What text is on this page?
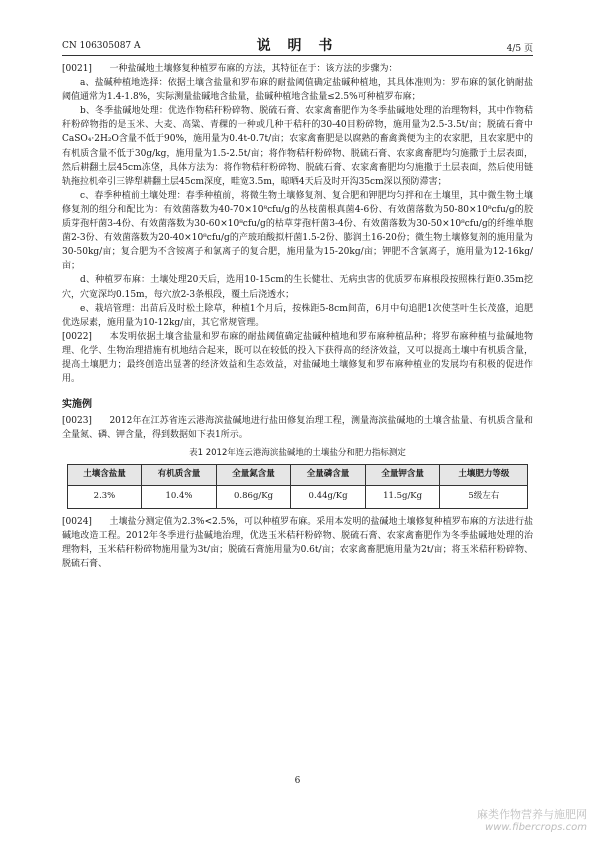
CN 106305087 A	说 明 书	4/5 页

[0021] 一种盐碱地土壤修复种植罗布麻的方法，其特征在于：该方法的步骤为：

a、盐碱种植地选择：依据土壤含盐量和罗布麻的耐盐阈值确定盐碱种植地，其具体准则为：罗布麻的氯化钠耐盐阈值通常为1.4-1.8%，实际测量盐碱地含盐量，盐碱种植地含盐量≤2.5%可种植罗布麻；

b、冬季盐碱地处理：优选作物秸秆粉碎物、脱硫石膏、农家禽畜肥作为冬季盐碱地处理的治理物料，其中作物秸秆粉碎物指的是玉米、大麦、高粱、青稞的一种或几种干秸秆的30-40目粉碎物，施用量为2.5-3.5t/亩；脱硫石膏中CaSO₄·2H₂O含量不低于90%，施用量为0.4t-0.7t/亩；农家禽畜肥是以腐熟的畜禽粪便为主的农家肥，且农家肥中的有机质含量不低于30g/kg，施用量为1.5-2.5t/亩；将作物秸秆粉碎物、脱硫石膏、农家禽畜肥均匀施撒于土层表面，然后耕翻土层45cm冻垡，具体方法为：将作物秸秆粉碎物、脱硫石膏、农家禽畜肥均匀施撒于土层表面，然后使用链轨拖拉机牵引三铧犁耕翻土层45cm深度，畦宽3.5m，晾晒4天后及时开沟35cm深以预防滞害；

c、春季种植前土壤处理：春季种植前，将微生物土壤修复剂、复合肥和钾肥均匀拌和在土壤里，其中微生物土壤修复剂的组分和配比为：有效菌落数为40-70×10⁸cfu/g的丛枝菌根真菌4-6份、有效菌落数为50-80×10⁸cfu/g的胶质芽孢杆菌3-4份、有效菌落数为30-60×10⁸cfu/g的枯草芽孢杆菌3-4份、有效菌落数为30-50×10⁸cfu/g的纤维单胞菌2-3份、有效菌落数为20-40×10⁸cfu/g的产玻珀酸拟杆菌1.5-2份、膨润土16-20份；微生物土壤修复剂的施用量为30-50kg/亩；复合肥为不含铵离子和氯离子的复合肥，施用量为15-20kg/亩；钾肥不含氯离子，施用量为12-16kg/亩；

d、种植罗布麻：土壤处理20天后，选用10-15cm的生长健壮、无病虫害的优质罗布麻根段按照株行距0.35m挖穴，穴宽深均0.15m，每穴放2-3条根段，覆土后浇透水；

e、栽培管理：出苗后及时松土除草，种植1个月后，按株距5-8cm间苗，6月中旬追肥1次使茎叶生长茂盛，追肥优选尿素，施用量为10-12kg/亩，其它常规管理。

[0022] 本发明依据土壤含盐量和罗布麻的耐盐阈值确定盐碱种植地和罗布麻种植品种；将罗布麻种植与盐碱地物理、化学、生物治理措施有机地结合起来，既可以在较低的投入下获得高的经济效益，又可以提高土壤中有机质含量，提高土壤肥力；最终创造出显著的经济效益和生态效益，对盐碱地土壤修复和罗布麻种植业的发展均有积极的促进作用。

实施例

[0023] 2012年在江苏省连云港海滨盐碱地进行盐田修复治理工程，测量海滨盐碱地的土壤含盐量、有机质含量和全量氮、磷、钾含量，得到数据如下表1所示。

表1 2012年连云港海滨盐碱地的土壤盐分和肥力指标测定
土壤含盐量	有机质含量	全量氮含量	全量磷含量	全量钾含量	土壤肥力等级
2.3%	10.4%	0.86g/Kg	0.44g/Kg	11.5g/Kg	5级左右

[0024] 土壤盐分测定值为2.3%<2.5%，可以种植罗布麻。采用本发明的盐碱地土壤修复种植罗布麻的方法进行盐碱地改造工程。2012年冬季进行盐碱地治理，优选玉米秸秆粉碎物、脱硫石膏、农家禽畜肥作为冬季盐碱地处理的治理物料，玉米秸秆粉碎物施用量为3t/亩；脱硫石膏施用量为0.6t/亩；农家禽畜肥施用量为2t/亩；将玉米秸秆粉碎物、脱硫石膏、

6
麻类作物营养与施肥网
www.fibercrops.com
